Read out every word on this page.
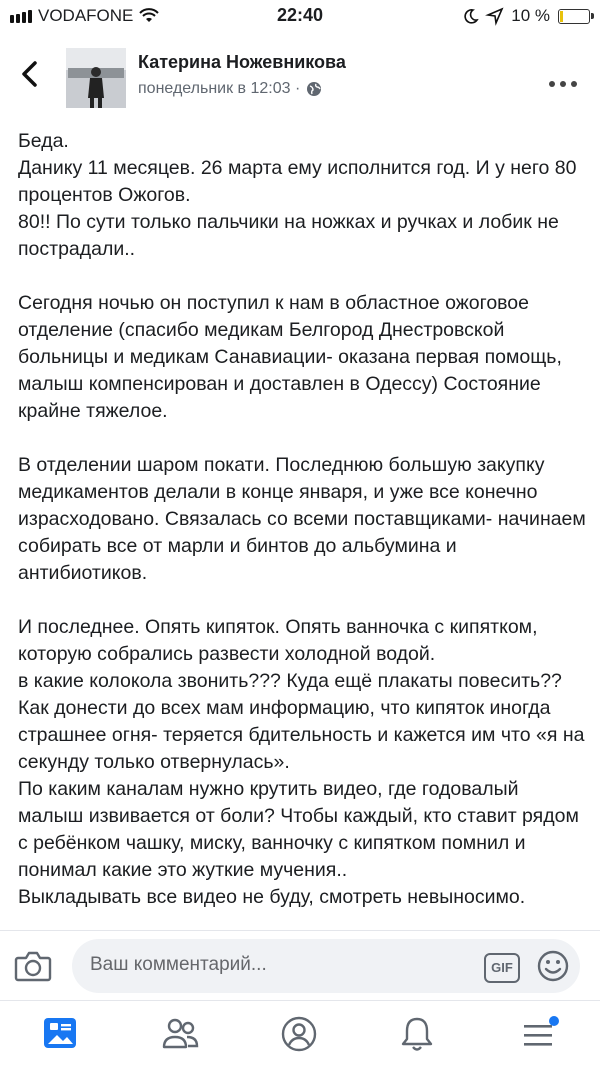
VODAFONE	22:40	10 %
Катерина Ножевникова
понедельник в 12:03 ·

Беда.
Данику 11 месяцев. 26 марта ему исполнится год. И у него 80 процентов Ожогов.
80!! По сути только пальчики на ножках и ручках и лобик не пострадали..

Сегодня ночью он поступил к нам в областное ожоговое отделение (спасибо медикам Белгород Днестровской больницы и медикам Санавиации- оказана первая помощь, малыш компенсирован и доставлен в Одессу) Состояние крайне тяжелое.

В отделении шаром покати. Последнюю большую закупку медикаментов делали в конце января, и уже все конечно израсходовано. Связалась со всеми поставщиками- начинаем собирать все от марли и бинтов до альбумина и антибиотиков.

И последнее. Опять кипяток. Опять ванночка с кипятком, которую собрались развести холодной водой.
в какие колокола звонить??? Куда ещё плакаты повесить??Как донести до всех мам информацию, что кипяток иногда страшнее огня- теряется бдительность и кажется им что «я на секунду только отвернулась».
По каким каналам нужно крутить видео, где годовалый малыш извивается от боли? Чтобы каждый, кто ставит рядом с ребёнком чашку, миску, ванночку с кипятком помнил и понимал какие это жуткие мучения..
Выкладывать все видео не буду, смотреть невыносимо.

Ваш комментарий...	GIF
